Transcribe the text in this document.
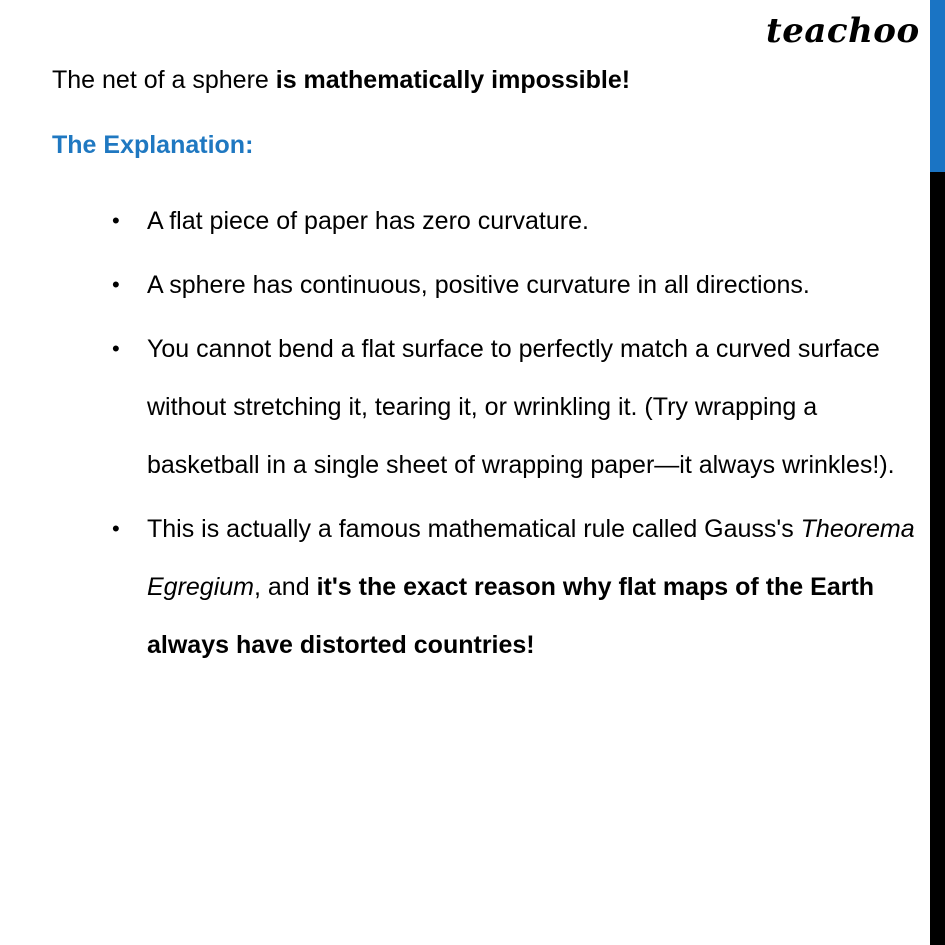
teachoo
The net of a sphere is mathematically impossible!
The Explanation:
• A flat piece of paper has zero curvature.
• A sphere has continuous, positive curvature in all directions.
• You cannot bend a flat surface to perfectly match a curved surface without stretching it, tearing it, or wrinkling it. (Try wrapping a basketball in a single sheet of wrapping paper—it always wrinkles!).
• This is actually a famous mathematical rule called Gauss's Theorema Egregium, and it's the exact reason why flat maps of the Earth always have distorted countries!
